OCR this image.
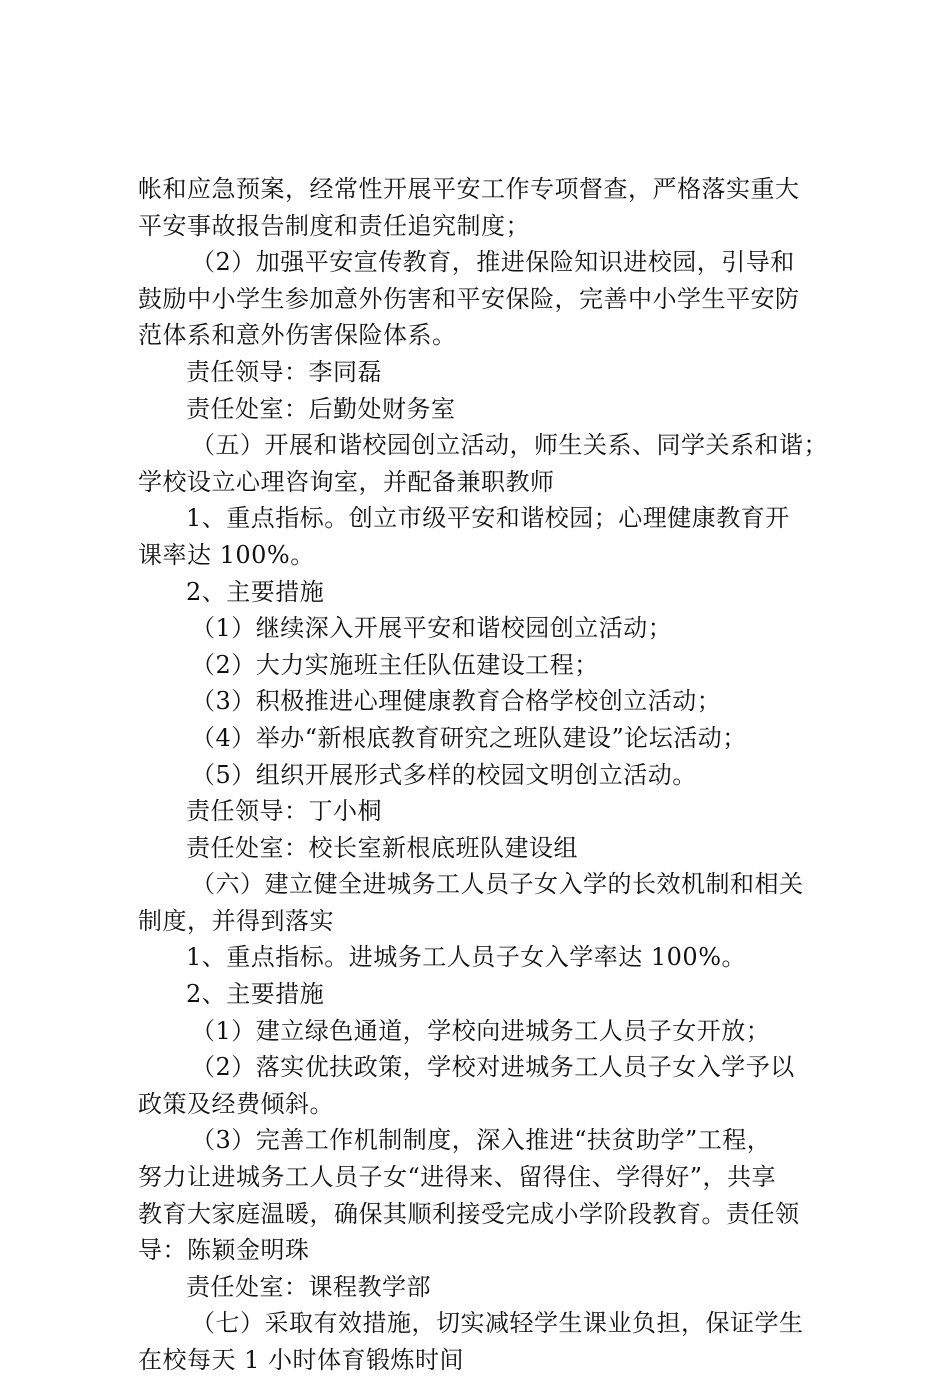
帐和应急预案，经常性开展平安工作专项督查，严格落实重大
平安事故报告制度和责任追究制度；
（2）加强平安宣传教育，推进保险知识进校园，引导和
鼓励中小学生参加意外伤害和平安保险，完善中小学生平安防
范体系和意外伤害保险体系。
责任领导：李同磊
责任处室：后勤处财务室
（五）开展和谐校园创立活动，师生关系、同学关系和谐；
学校设立心理咨询室，并配备兼职教师
1、重点指标。创立市级平安和谐校园；心理健康教育开
课率达 100%。
2、主要措施
（1）继续深入开展平安和谐校园创立活动；
（2）大力实施班主任队伍建设工程；
（3）积极推进心理健康教育合格学校创立活动；
（4）举办“新根底教育研究之班队建设”论坛活动；
（5）组织开展形式多样的校园文明创立活动。
责任领导：丁小桐
责任处室：校长室新根底班队建设组
（六）建立健全进城务工人员子女入学的长效机制和相关
制度，并得到落实
1、重点指标。进城务工人员子女入学率达 100%。
2、主要措施
（1）建立绿色通道，学校向进城务工人员子女开放；
（2）落实优扶政策，学校对进城务工人员子女入学予以
政策及经费倾斜。
（3）完善工作机制制度，深入推进“扶贫助学”工程，
努力让进城务工人员子女“进得来、留得住、学得好”，共享
教育大家庭温暖，确保其顺利接受完成小学阶段教育。责任领
导：陈颖金明珠
责任处室：课程教学部
（七）采取有效措施，切实减轻学生课业负担，保证学生
在校每天 1 小时体育锻炼时间
